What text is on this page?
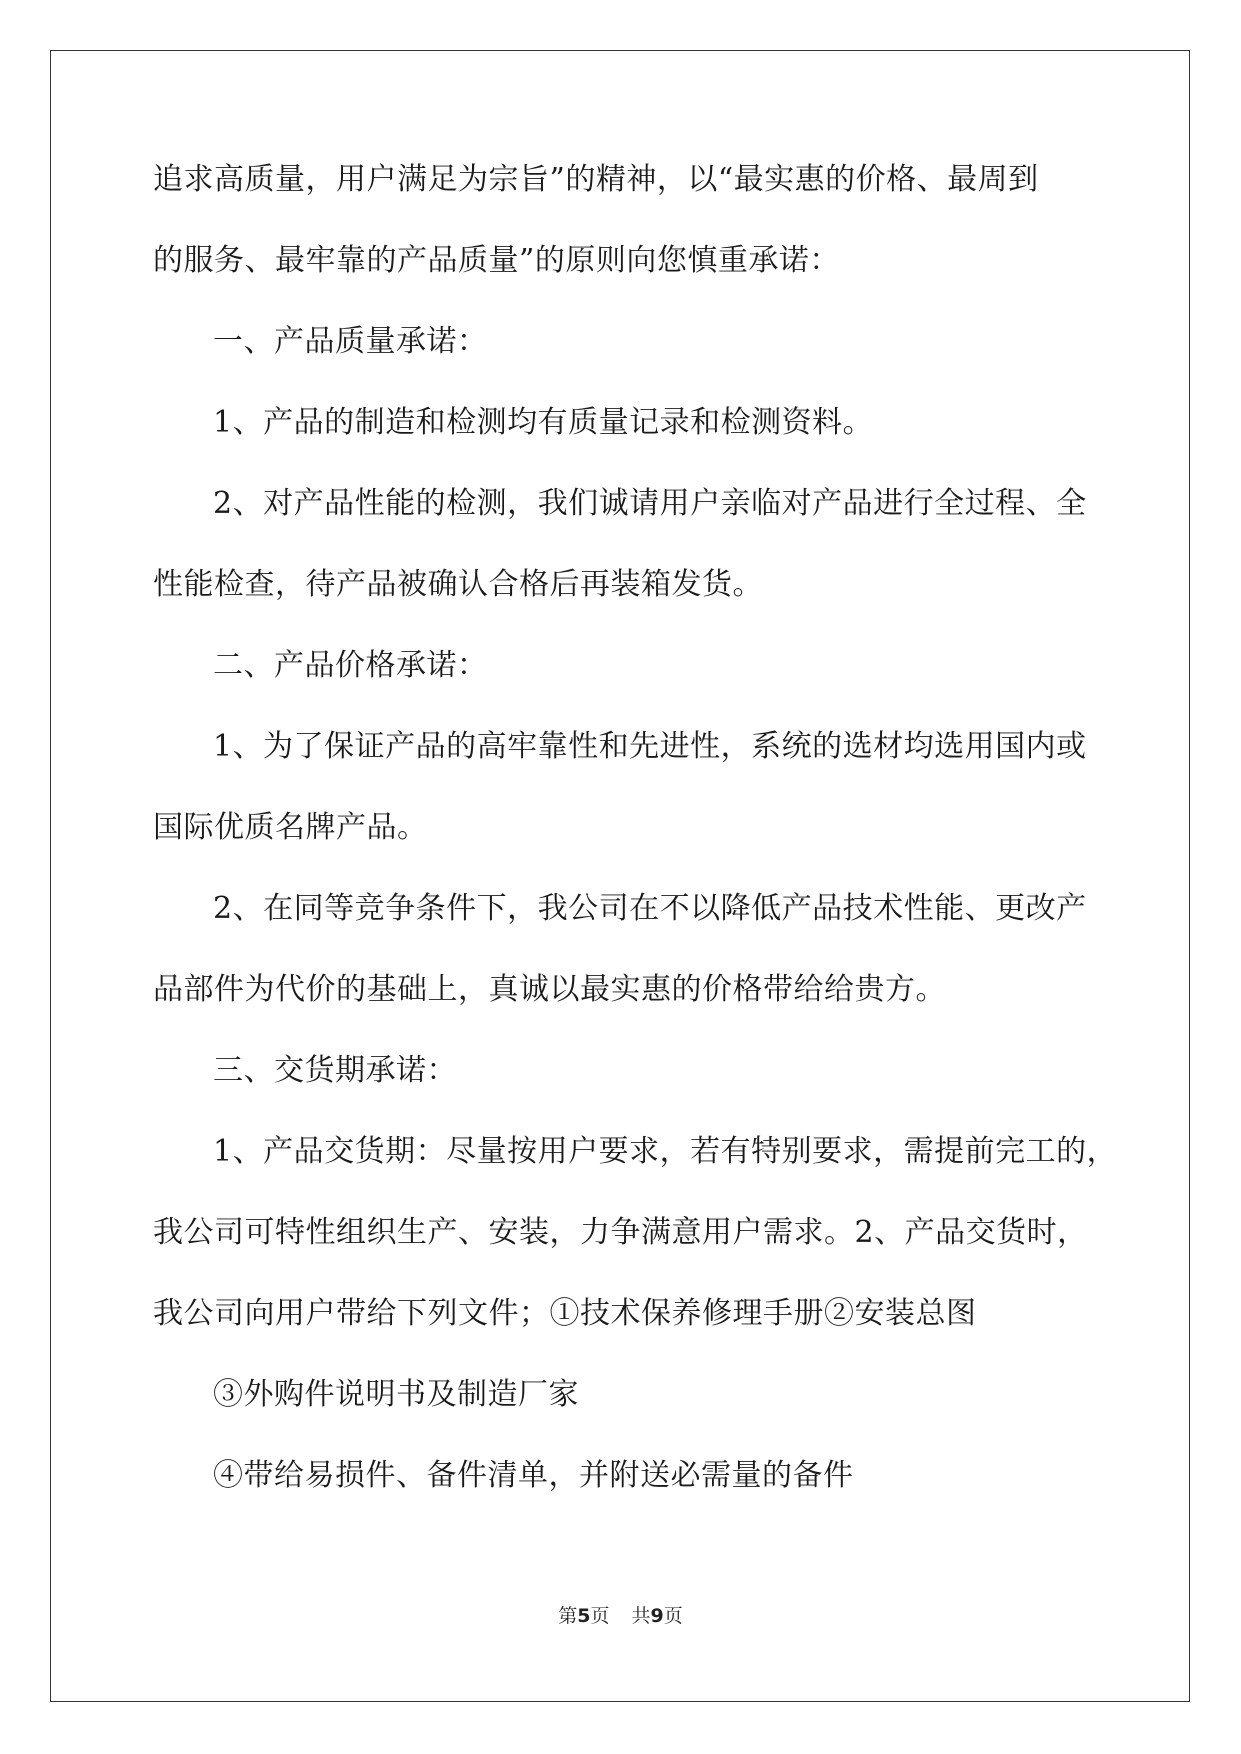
追求高质量，用户满足为宗旨”的精神，以“最实惠的价格、最周到
的服务、最牢靠的产品质量”的原则向您慎重承诺：
一、产品质量承诺：
1、产品的制造和检测均有质量记录和检测资料。
2、对产品性能的检测，我们诚请用户亲临对产品进行全过程、全
性能检查，待产品被确认合格后再装箱发货。
二、产品价格承诺：
1、为了保证产品的高牢靠性和先进性，系统的选材均选用国内或
国际优质名牌产品。
2、在同等竞争条件下，我公司在不以降低产品技术性能、更改产
品部件为代价的基础上，真诚以最实惠的价格带给给贵方。
三、交货期承诺：
1、产品交货期：尽量按用户要求，若有特别要求，需提前完工的，
我公司可特性组织生产、安装，力争满意用户需求。2、产品交货时，
我公司向用户带给下列文件；①技术保养修理手册②安装总图
③外购件说明书及制造厂家
④带给易损件、备件清单，并附送必需量的备件
第5页 共9页
